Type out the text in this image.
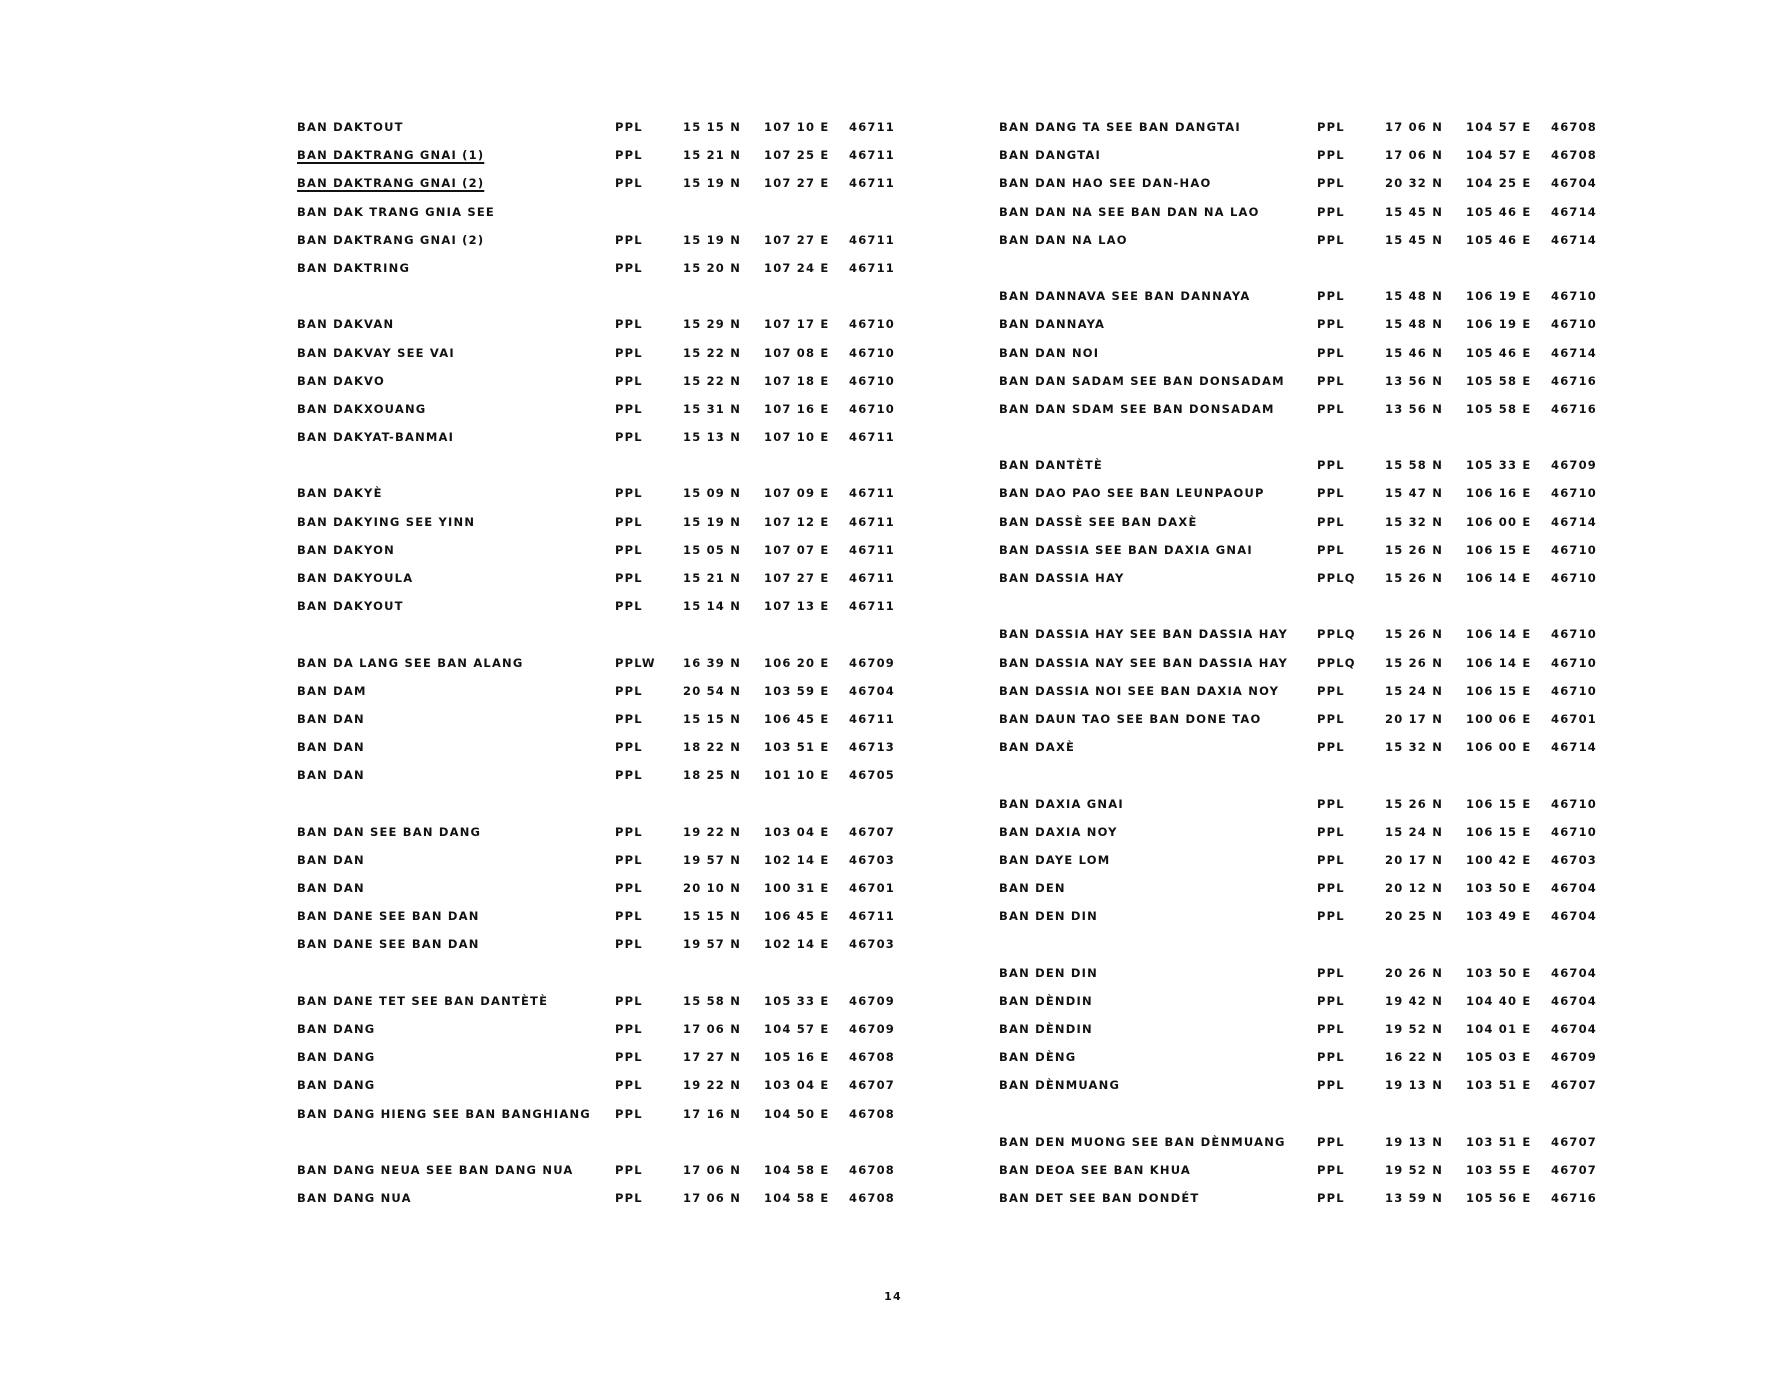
BAN DAKTOUT	PPL	15 15 N 107 10 E 46711
BAN DAKTRANG GNAI (1)	PPL	15 21 N 107 25 E 46711
BAN DAKTRANG GNAI (2)	PPL	15 19 N 107 27 E 46711
BAN DAK TRANG GNIA SEE
BAN DAKTRANG GNAI (2)	PPL	15 19 N 107 27 E 46711
BAN DAKTRING	PPL	15 20 N 107 24 E 46711
BAN DAKVAN	PPL	15 29 N 107 17 E 46710
BAN DAKVAY SEE VAI	PPL	15 22 N 107 08 E 46710
BAN DAKVO	PPL	15 22 N 107 18 E 46710
BAN DAKXOUANG	PPL	15 31 N 107 16 E 46710
BAN DAKYAT-BANMAI	PPL	15 13 N 107 10 E 46711
BAN DAKYÈ	PPL	15 09 N 107 09 E 46711
BAN DAKYING SEE YINN	PPL	15 19 N 107 12 E 46711
BAN DAKYON	PPL	15 05 N 107 07 E 46711
BAN DAKYOULA	PPL	15 21 N 107 27 E 46711
BAN DAKYOUT	PPL	15 14 N 107 13 E 46711
BAN DA LANG SEE BAN ALANG	PPLW 16 39 N 106 20 E 46709
BAN DAM	PPL	20 54 N 103 59 E 46704
BAN DAN	PPL	15 15 N 106 45 E 46711
BAN DAN	PPL	18 22 N 103 51 E 46713
BAN DAN	PPL	18 25 N 101 10 E 46705
BAN DAN SEE BAN DANG	PPL	19 22 N 103 04 E 46707
BAN DAN	PPL	19 57 N 102 14 E 46703
BAN DAN	PPL	20 10 N 100 31 E 46701
BAN DANE SEE BAN DAN	PPL	15 15 N 106 45 E 46711
BAN DANE SEE BAN DAN	PPL	19 57 N 102 14 E 46703
BAN DANE TET SEE BAN DANTÈTÈ	PPL	15 58 N 105 33 E 46709
BAN DANG	PPL	17 06 N 104 57 E 46709
BAN DANG	PPL	17 27 N 105 16 E 46708
BAN DANG	PPL	19 22 N 103 04 E 46707
BAN DANG HIENG SEE BAN BANGHIANG PPL	17 16 N 104 50 E 46708
BAN DANG NEUA SEE BAN DANG NUA	PPL	17 06 N 104 58 E 46708
BAN DANG NUA	PPL	17 06 N 104 58 E 46708
BAN DANG TA SEE BAN DANGTAI	PPL	17 06 N 104 57 E 46708
BAN DANGTAI	PPL	17 06 N 104 57 E 46708
BAN DAN HAO SEE DAN-HAO	PPL	20 32 N 104 25 E 46704
BAN DAN NA SEE BAN DAN NA LAO	PPL	15 45 N 105 46 E 46714
BAN DAN NA LAO	PPL	15 45 N 105 46 E 46714
BAN DANNAVA SEE BAN DANNAYA	PPL	15 48 N 106 19 E 46710
BAN DANNAYA	PPL	15 48 N 106 19 E 46710
BAN DAN NOI	PPL	15 46 N 105 46 E 46714
BAN DAN SADAM SEE BAN DONSADAM	PPL	13 56 N 105 58 E 46716
BAN DAN SDAM SEE BAN DONSADAM	PPL	13 56 N 105 58 E 46716
BAN DANTÈTÈ	PPL	15 58 N 105 33 E 46709
BAN DAO PAO SEE BAN LEUNPAOUP	PPL	15 47 N 106 16 E 46710
BAN DASSÈ SEE BAN DAXÈ	PPL	15 32 N 106 00 E 46714
BAN DASSIA SEE BAN DAXIA GNAI	PPL	15 26 N 106 15 E 46710
BAN DASSIA HAY	PPLQ	15 26 N 106 14 E 46710
BAN DASSIA HAY SEE BAN DASSIA HAY	PPLQ	15 26 N 106 14 E 46710
BAN DASSIA NAY SEE BAN DASSIA HAY	PPLQ	15 26 N 106 14 E 46710
BAN DASSIA NOI SEE BAN DAXIA NOY	PPL	15 24 N 106 15 E 46710
BAN DAUN TAO SEE BAN DONE TAO	PPL	20 17 N 100 06 E 46701
BAN DAXÈ	PPL	15 32 N 106 00 E 46714
BAN DAXIA GNAI	PPL	15 26 N 106 15 E 46710
BAN DAXIA NOY	PPL	15 24 N 106 15 E 46710
BAN DAYE LOM	PPL	20 17 N 100 42 E 46703
BAN DEN	PPL	20 12 N 103 50 E 46704
BAN DEN DIN	PPL	20 25 N 103 49 E 46704
BAN DEN DIN	PPL	20 26 N 103 50 E 46704
BAN DÈNDIN	PPL	19 42 N 104 40 E 46704
BAN DÈNDIN	PPL	19 52 N 104 01 E 46704
BAN DÈNG	PPL	16 22 N 105 03 E 46709
BAN DÈNMUANG	PPL	19 13 N 103 51 E 46707
BAN DEN MUONG SEE BAN DÈNMUANG	PPL	19 13 N 103 51 E 46707
BAN DEOA SEE BAN KHUA	PPL	19 52 N 103 55 E 46707
BAN DET SEE BAN DONDÉT	PPL	13 59 N 105 56 E 46716
14
